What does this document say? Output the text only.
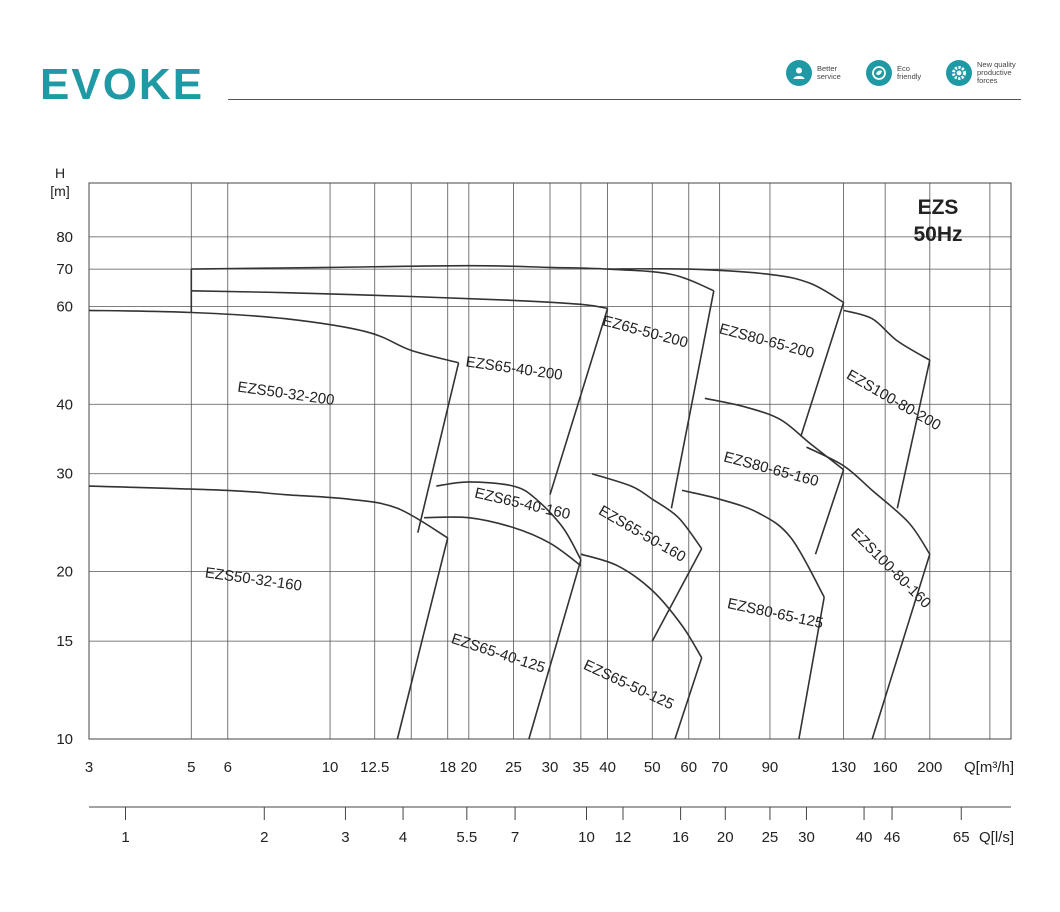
EVOKE	Better
service
Eco
friendly
New quality
productive
forces
EZS50-32-200
EZS50-32-160
EZS65-40-200
EZ65-50-200 EZS80-65-200
EZS100-80-200
EZS65-40-160 EZS65-50-160
EZS80-65-160
EZS100-80-160
EZS65-40-125
EZS65-50-125
EZS80-65-125
3	5 6	10 12.5	18 20 25 30 35 40 50 60 70 90	130 160 200
10
15
20
30
40
60
70
80
1	2	3	4	5.5 7	10 12	16 20 25 30	40 46	65
EZS
50Hz
H
[m]
Q[m³/h]
Q[l/s]
